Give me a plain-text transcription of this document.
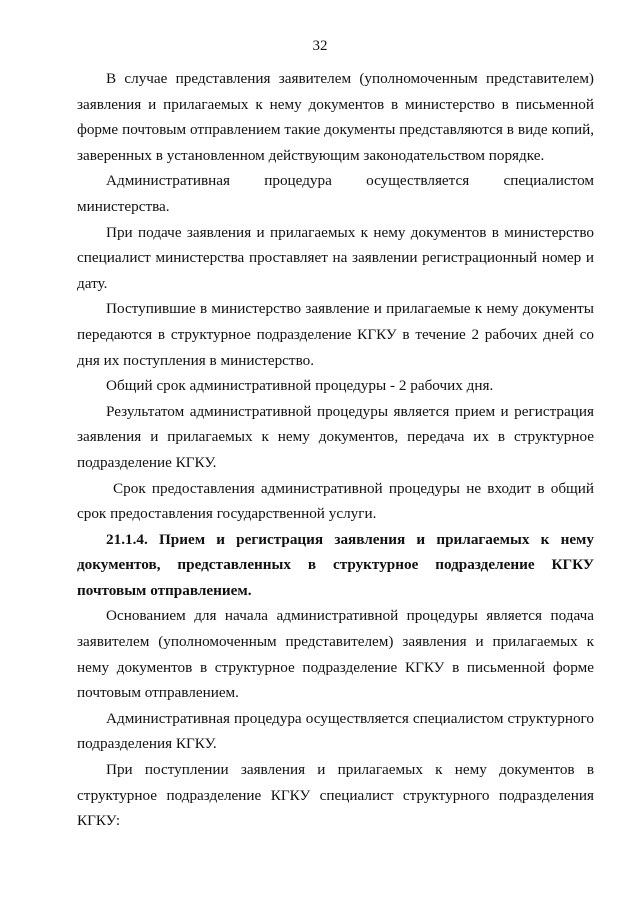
32

В случае представления заявителем (уполномоченным представителем) заявления и прилагаемых к нему документов в министерство в письменной форме почтовым отправлением такие документы представляются в виде копий, заверенных в установленном действующим законодательством порядке.

Административная процедура осуществляется специалистом министерства.

При подаче заявления и прилагаемых к нему документов в министерство специалист министерства проставляет на заявлении регистрационный номер и дату.

Поступившие в министерство заявление и прилагаемые к нему документы передаются в структурное подразделение КГКУ в течение 2 рабочих дней со дня их поступления в министерство.

Общий срок административной процедуры - 2 рабочих дня.

Результатом административной процедуры является прием и регистрация заявления и прилагаемых к нему документов, передача их в структурное подразделение КГКУ.

Срок предоставления административной процедуры не входит в общий срок предоставления государственной услуги.

21.1.4. Прием и регистрация заявления и прилагаемых к нему документов, представленных в структурное подразделение КГКУ почтовым отправлением.

Основанием для начала административной процедуры является подача заявителем (уполномоченным представителем) заявления и прилагаемых к нему документов в структурное подразделение КГКУ в письменной форме почтовым отправлением.

Административная процедура осуществляется специалистом структурного подразделения КГКУ.

При поступлении заявления и прилагаемых к нему документов в структурное подразделение КГКУ специалист структурного подразделения КГКУ:
